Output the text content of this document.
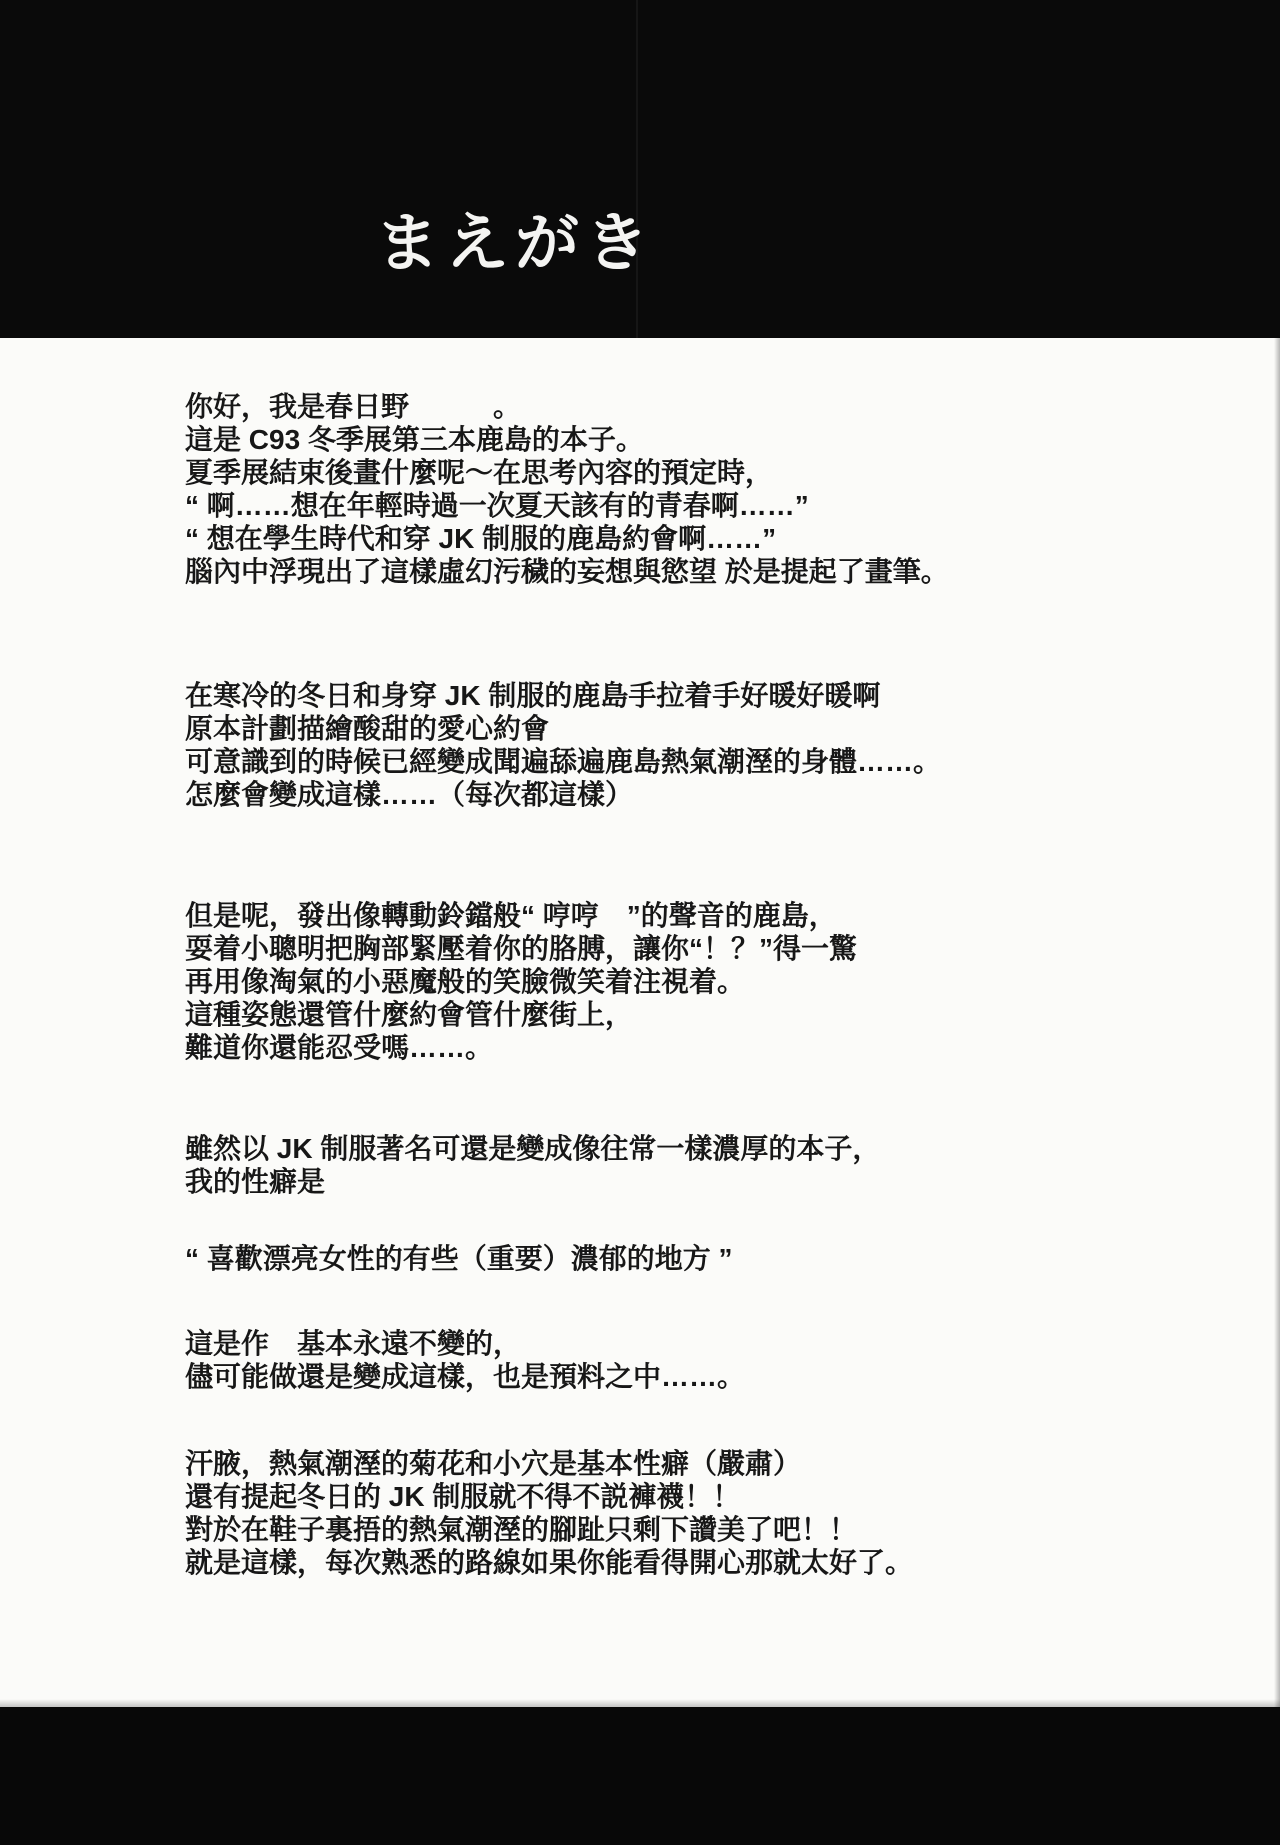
まえがき
你好，我是春日野　　　。
這是 C93 冬季展第三本鹿島的本子。
夏季展結束後畫什麼呢～在思考內容的預定時，
“ 啊……想在年輕時過一次夏天該有的青春啊……”
“ 想在學生時代和穿 JK 制服的鹿島約會啊……”
腦內中浮現出了這樣虛幻污穢的妄想與慾望 於是提起了畫筆。
在寒冷的冬日和身穿 JK 制服的鹿島手拉着手好暖好暖啊
原本計劃描繪酸甜的愛心約會
可意識到的時候已經變成聞遍舔遍鹿島熱氣潮溼的身體……。
怎麼會變成這樣……（每次都這樣）
但是呢，發出像轉動鈴鐺般“ 哼哼　”的聲音的鹿島，
耍着小聰明把胸部緊壓着你的胳膊，讓你“！？”得一驚
再用像淘氣的小惡魔般的笑臉微笑着注視着。
這種姿態還管什麼約會管什麼街上，
難道你還能忍受嗎……。
雖然以 JK 制服著名可還是變成像往常一樣濃厚的本子，
我的性癖是
“ 喜歡漂亮女性的有些（重要）濃郁的地方 ”
這是作　基本永遠不變的，
儘可能做還是變成這樣，也是預料之中……。
汗腋，熱氣潮溼的菊花和小穴是基本性癖（嚴肅）
還有提起冬日的 JK 制服就不得不説褲襪！！
對於在鞋子裏捂的熱氣潮溼的腳趾只剩下讚美了吧！！
就是這樣，每次熟悉的路線如果你能看得開心那就太好了。
